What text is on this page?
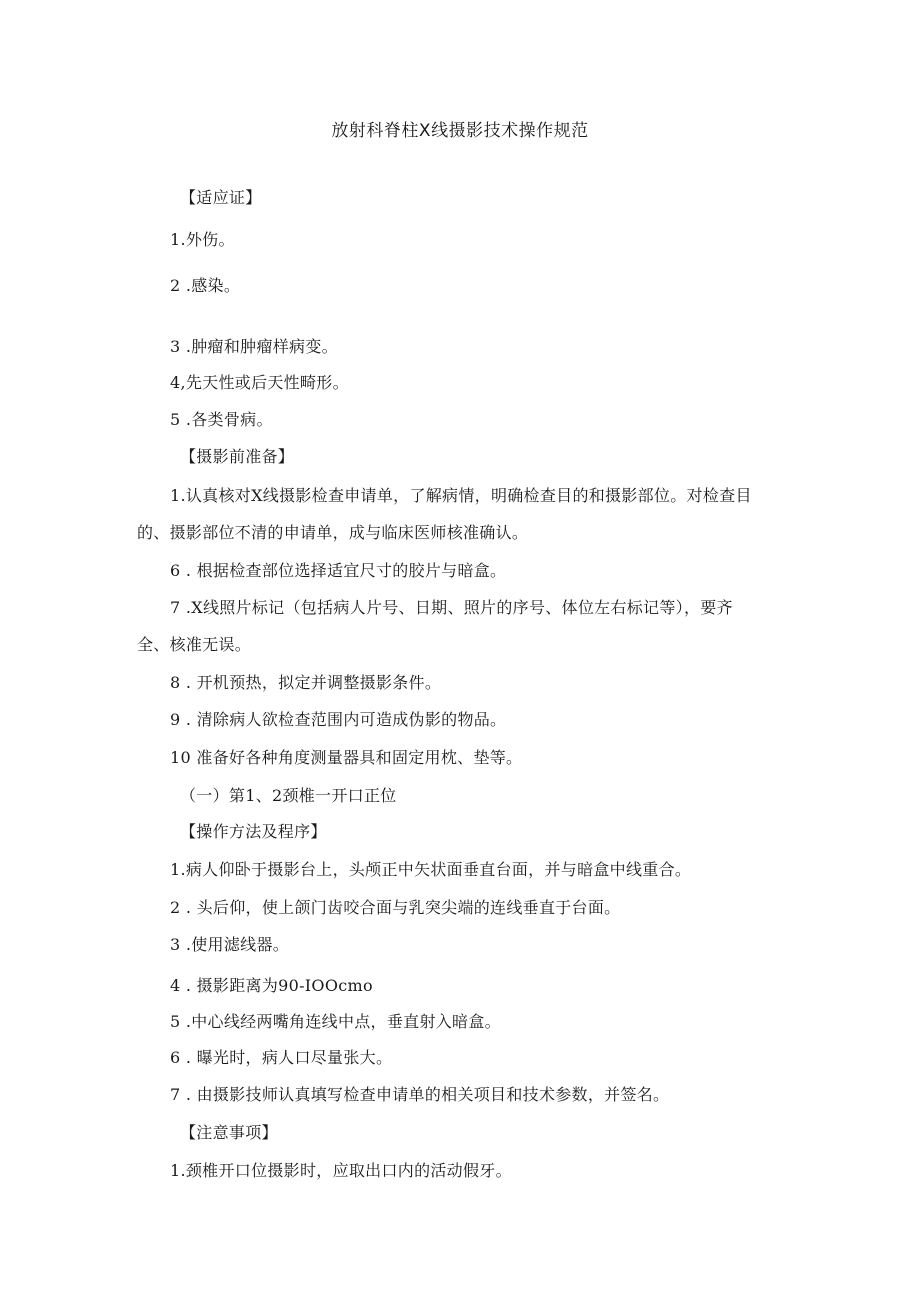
放射科脊柱X线摄影技术操作规范
【适应证】
1.外伤。
2 .感染。
3 .肿瘤和肿瘤样病变。
4,先天性或后天性畸形。
5 .各类骨病。
【摄影前准备】
1.认真核对X线摄影检查申请单，了解病情，明确检查目的和摄影部位。对检查目
的、摄影部位不清的申请单，成与临床医师核准确认。
6 . 根据检查部位选择适宜尺寸的胶片与暗盒。
7 .X线照片标记（包括病人片号、日期、照片的序号、体位左右标记等），要齐
全、核准无误。
8 . 开机预热，拟定并调整摄影条件。
9 . 清除病人欲检查范围内可造成伪影的物品。
10 准备好各种角度测量器具和固定用枕、垫等。
（一）第1、2颈椎一开口正位
【操作方法及程序】
1.病人仰卧于摄影台上，头颅正中矢状面垂直台面，并与暗盒中线重合。
2 . 头后仰，使上颌门齿咬合面与乳突尖端的连线垂直于台面。
3 .使用滤线器。
4 . 摄影距离为90-IOOcmo
5 .中心线经两嘴角连线中点，垂直射入暗盒。
6 . 曝光时，病人口尽量张大。
7 . 由摄影技师认真填写检查申请单的相关项目和技术参数，并签名。
【注意事项】
1.颈椎开口位摄影时，应取出口内的活动假牙。
